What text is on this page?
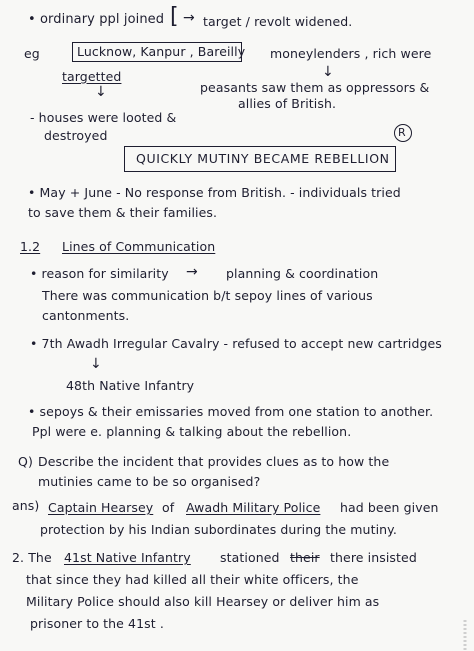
• ordinary ppl joined [ → target / revolt widened.
eg	Lucknow, Kanpur , Bareilly moneylenders , rich were
targetted
↓
↓
peasants saw them as oppressors &
allies of British.
- houses were looted &
destroyed
QUICKLY MUTINY BECAME REBELLION
R
• May + June - No response from British. - individuals tried
to save them & their families.
1.2 Lines of Communication
• reason for similarity → planning & coordination
There was communication b/t sepoy lines of various
cantonments.
• 7th Awadh Irregular Cavalry - refused to accept new cartridges
↓
48th Native Infantry
• sepoys & their emissaries moved from one station to another.
Ppl were e. planning & talking about the rebellion.
Q) Describe the incident that provides clues as to how the
mutinies came to be so organised?
ans) Captain Hearsey of Awadh Military Police had been given
protection by his Indian subordinates during the mutiny.
2. The 41st Native Infantry stationed their there insisted
that since they had killed all their white officers, the
Military Police should also kill Hearsey or deliver him as
prisoner to the 41st .
